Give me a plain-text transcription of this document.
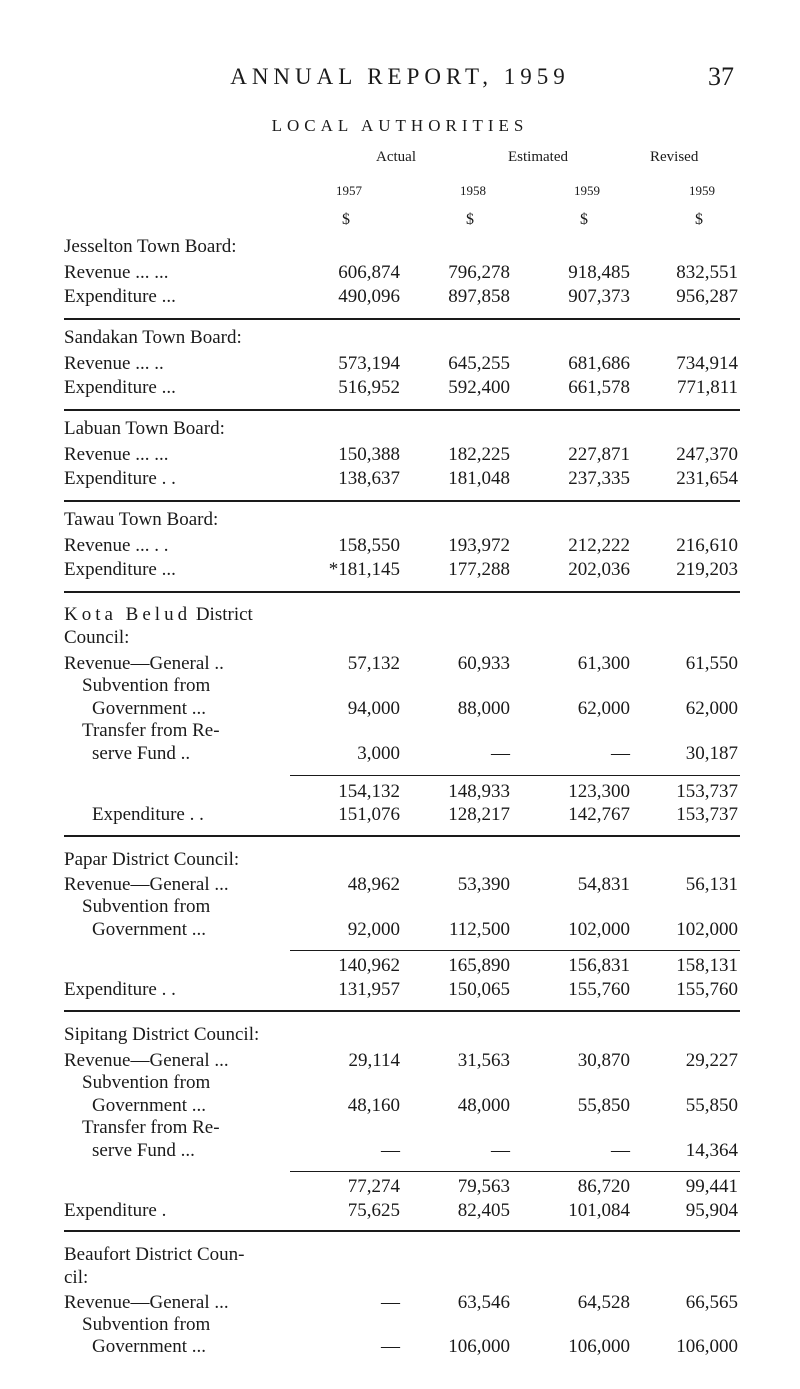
ANNUAL REPORT, 1959	37
LOCAL AUTHORITIES
Actual	Estimated	Revised
1957	1958	1959	1959
$	$	$	$
Jesselton Town Board:
Revenue ... ...	606,874	796,278	918,485	832,551
Expenditure ...	490,096	897,858	907,373	956,287
Sandakan Town Board:
Revenue ... ..	573,194	645,255	681,686	734,914
Expenditure ...	516,952	592,400	661,578	771,811
Labuan Town Board:
Revenue ... ...	150,388	182,225	227,871	247,370
Expenditure . .	138,637	181,048	237,335	231,654
Tawau Town Board:
Revenue ... . .	158,550	193,972	212,222	216,610
Expenditure ...	*181,145	177,288	202,036	219,203
Kota Belud District
Council:
Revenue—General ..	57,132	60,933	61,300	61,550
Subvention from
Government ...	94,000	88,000	62,000	62,000
Transfer from Re-
serve Fund ..	3,000	—	—	30,187
154,132	148,933	123,300	153,737
Expenditure . .	151,076	128,217	142,767	153,737
Papar District Council:
Revenue—General ...	48,962	53,390	54,831	56,131
Subvention from
Government ...	92,000	112,500	102,000	102,000
140,962	165,890	156,831	158,131
Expenditure . .	131,957	150,065	155,760	155,760
Sipitang District Council:
Revenue—General ...	29,114	31,563	30,870	29,227
Subvention from
Government ...	48,160	48,000	55,850	55,850
Transfer from Re-
serve Fund ...	—	—	—	14,364
77,274	79,563	86,720	99,441
Expenditure .	75,625	82,405	101,084	95,904
Beaufort District Coun-
cil:
Revenue—General ...	—	63,546	64,528	66,565
Subvention from
Government ...	—	106,000	106,000	106,000
